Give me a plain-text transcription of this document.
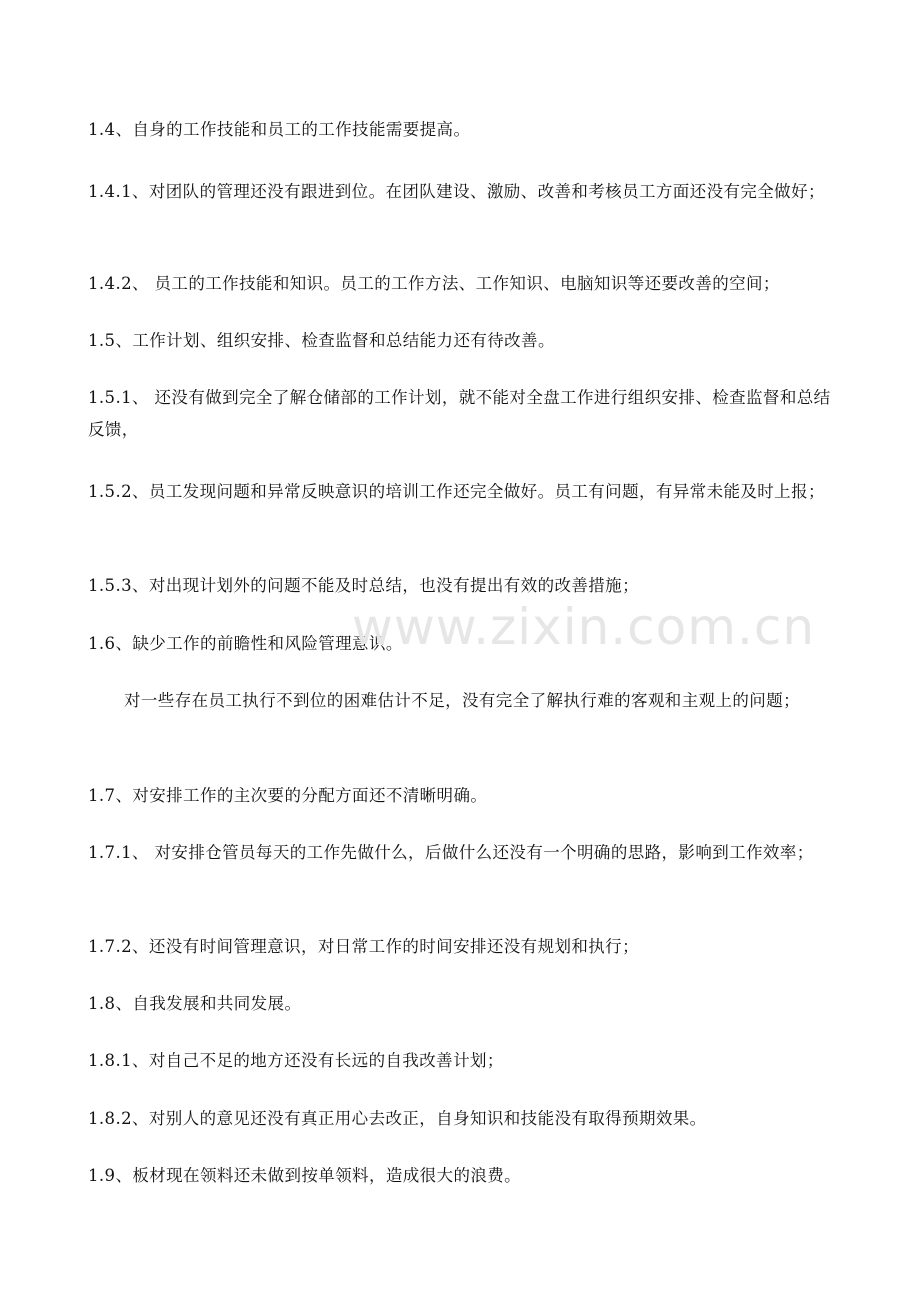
1.4、自身的工作技能和员工的工作技能需要提高。

1.4.1、对团队的管理还没有跟进到位。在团队建设、激励、改善和考核员工方面还没有完全做好；

1.4.2、 员工的工作技能和知识。员工的工作方法、工作知识、电脑知识等还要改善的空间；

1.5、工作计划、组织安排、检查监督和总结能力还有待改善。

1.5.1、 还没有做到完全了解仓储部的工作计划，就不能对全盘工作进行组织安排、检查监督和总结反馈，

1.5.2、员工发现问题和异常反映意识的培训工作还完全做好。员工有问题，有异常未能及时上报；

1.5.3、对出现计划外的问题不能及时总结，也没有提出有效的改善措施；

1.6、缺少工作的前瞻性和风险管理意识。

对一些存在员工执行不到位的困难估计不足，没有完全了解执行难的客观和主观上的问题；

1.7、对安排工作的主次要的分配方面还不清晰明确。

1.7.1、 对安排仓管员每天的工作先做什么，后做什么还没有一个明确的思路，影响到工作效率；

1.7.2、还没有时间管理意识，对日常工作的时间安排还没有规划和执行；

1.8、自我发展和共同发展。

1.8.1、对自己不足的地方还没有长远的自我改善计划；

1.8.2、对别人的意见还没有真正用心去改正，自身知识和技能没有取得预期效果。

1.9、板材现在领料还未做到按单领料，造成很大的浪费。

www.zixin.com.cn
